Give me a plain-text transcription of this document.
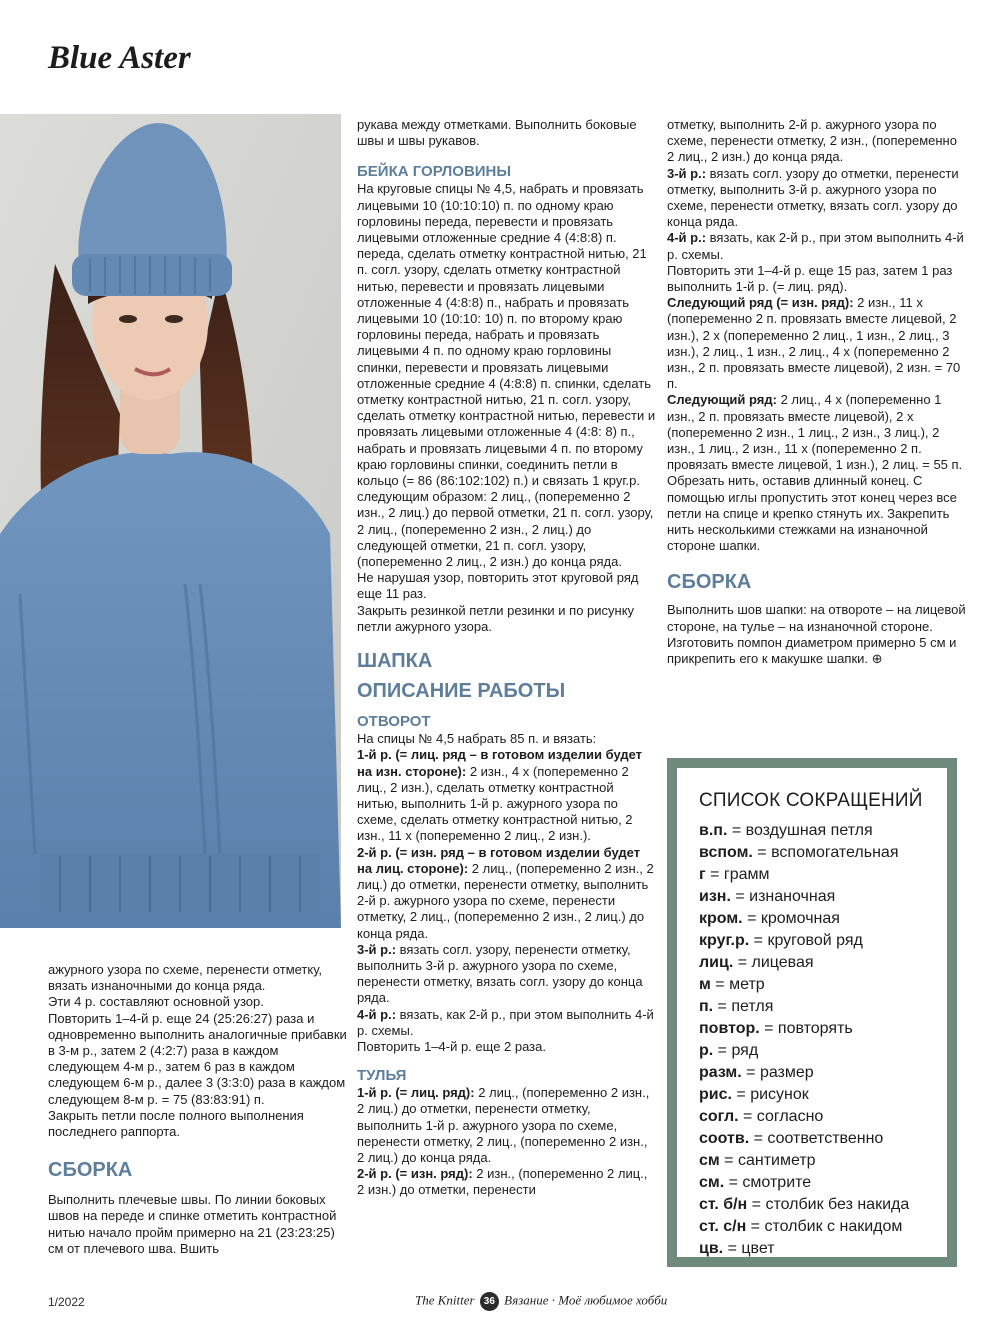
Blue Aster

ажурного узора по схеме, перенести отметку, вязать изнаночными до конца ряда.

Эти 4 р. составляют основной узор.

Повторить 1–4-й р. еще 24 (25:26:27) раза и одновременно выполнить аналогичные прибавки в 3-м р., затем 2 (4:2:7) раза в каждом следующем 4-м р., затем 6 раз в каждом следующем 6-м р., далее 3 (3:3:0) раза в каждом следующем 8-м р. = 75 (83:83:91) п.

Закрыть петли после полного выполнения последнего раппорта.

СБОРКА

Выполнить плечевые швы. По линии боковых швов на переде и спинке отметить контрастной нитью начало пройм примерно на 21 (23:23:25) см от плечевого шва. Вшить

рукава между отметками. Выполнить боковые швы и швы рукавов.

БЕЙКА ГОРЛОВИНЫ

На круговые спицы № 4,5, набрать и провязать лицевыми 10 (10:10:10) п. по одному краю горловины переда, перевести и провязать лицевыми отложенные средние 4 (4:8:8) п. переда, сделать отметку контрастной нитью, 21 п. согл. узору, сделать отметку контрастной нитью, перевести и провязать лицевыми отложенные 4 (4:8:8) п., набрать и провязать лицевыми 10 (10:10: 10) п. по второму краю горловины переда, набрать и провязать лицевыми 4 п. по одному краю горловины спинки, перевести и провязать лицевыми отложенные средние 4 (4:8:8) п. спинки, сделать отметку контрастной нитью, 21 п. согл. узору, сделать отметку контрастной нитью, перевести и провязать лицевыми отложенные 4 (4:8: 8) п., набрать и провязать лицевыми 4 п. по второму краю горловины спинки, соединить петли в кольцо (= 86 (86:102:102) п.) и связать 1 круг.р. следующим образом: 2 лиц., (попеременно 2 изн., 2 лиц.) до первой отметки, 21 п. согл. узору, 2 лиц., (попеременно 2 изн., 2 лиц.) до следующей отметки, 21 п. согл. узору, (попеременно 2 лиц., 2 изн.) до конца ряда.

Не нарушая узор, повторить этот круговой ряд еще 11 раз.

Закрыть резинкой петли резинки и по рисунку петли ажурного узора.

ШАПКА
ОПИСАНИЕ РАБОТЫ
ОТВОРОТ

На спицы № 4,5 набрать 85 п. и вязать:

1-й р. (= лиц. ряд – в готовом изделии будет на изн. стороне): 2 изн., 4 х (попеременно 2 лиц., 2 изн.), сделать отметку контрастной нитью, выполнить 1-й р. ажурного узора по схеме, сделать отметку контрастной нитью, 2 изн., 11 х (попеременно 2 лиц., 2 изн.).

2-й р. (= изн. ряд – в готовом изделии будет на лиц. стороне): 2 лиц., (попеременно 2 изн., 2 лиц.) до отметки, перенести отметку, выполнить 2-й р. ажурного узора по схеме, перенести отметку, 2 лиц., (попеременно 2 изн., 2 лиц.) до конца ряда.

3-й р.: вязать согл. узору, перенести отметку, выполнить 3-й р. ажурного узора по схеме, перенести отметку, вязать согл. узору до конца ряда.

4-й р.: вязать, как 2-й р., при этом выполнить 4-й р. схемы.

Повторить 1–4-й р. еще 2 раза.

ТУЛЬЯ

1-й р. (= лиц. ряд): 2 лиц., (попеременно 2 изн., 2 лиц.) до отметки, перенести отметку, выполнить 1-й р. ажурного узора по схеме, перенести отметку, 2 лиц., (попеременно 2 изн., 2 лиц.) до конца ряда.

2-й р. (= изн. ряд): 2 изн., (попеременно 2 лиц., 2 изн.) до отметки, перенести

отметку, выполнить 2-й р. ажурного узора по схеме, перенести отметку, 2 изн., (попеременно 2 лиц., 2 изн.) до конца ряда.

3-й р.: вязать согл. узору до отметки, перенести отметку, выполнить 3-й р. ажурного узора по схеме, перенести отметку, вязать согл. узору до конца ряда.

4-й р.: вязать, как 2-й р., при этом выполнить 4-й р. схемы.

Повторить эти 1–4-й р. еще 15 раз, затем 1 раз выполнить 1-й р. (= лиц. ряд).

Следующий ряд (= изн. ряд): 2 изн., 11 х (попеременно 2 п. провязать вместе лицевой, 2 изн.), 2 х (попеременно 2 лиц., 1 изн., 2 лиц., 3 изн.), 2 лиц., 1 изн., 2 лиц., 4 х (попеременно 2 изн., 2 п. провязать вместе лицевой), 2 изн. = 70 п.

Следующий ряд: 2 лиц., 4 х (попеременно 1 изн., 2 п. провязать вместе лицевой), 2 х (попеременно 2 изн., 1 лиц., 2 изн., 3 лиц.), 2 изн., 1 лиц., 2 изн., 11 х (попеременно 2 п. провязать вместе лицевой, 1 изн.), 2 лиц. = 55 п.

Обрезать нить, оставив длинный конец. С помощью иглы пропустить этот конец через все петли на спице и крепко стянуть их. Закрепить нить несколькими стежками на изнаночной стороне шапки.

СБОРКА

Выполнить шов шапки: на отвороте – на лицевой стороне, на тулье – на изнаночной стороне. Изготовить помпон диаметром примерно 5 см и прикрепить его к макушке шапки. ⊕

СПИСОК СОКРАЩЕНИЙ
в.п. = воздушная петля
вспом. = вспомогательная
г = грамм
изн. = изнаночная
кром. = кромочная
круг.р. = круговой ряд
лиц. = лицевая
м = метр
п. = петля
повтор. = повторять
р. = ряд
разм. = размер
рис. = рисунок
согл. = согласно
соотв. = соответственно
см = сантиметр
см. = смотрите
ст. б/н = столбик без накида
ст. с/н = столбик с накидом
цв. = цвет
1/2022	The Knitter 36 Вязание · Моё любимое хобби
